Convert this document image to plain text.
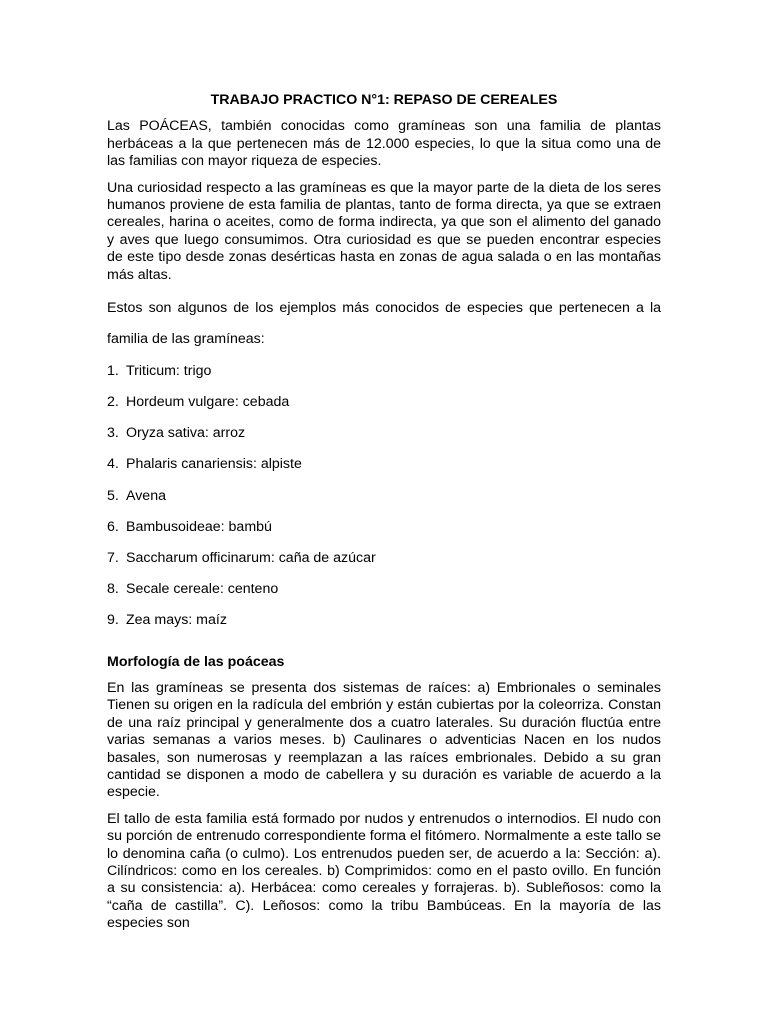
TRABAJO PRACTICO N°1: REPASO DE CEREALES

Las POÁCEAS, también conocidas como gramíneas son una familia de plantas herbáceas a la que pertenecen más de 12.000 especies, lo que la situa como una de las familias con mayor riqueza de especies.

Una curiosidad respecto a las gramíneas es que la mayor parte de la dieta de los seres humanos proviene de esta familia de plantas, tanto de forma directa, ya que se extraen cereales, harina o aceites, como de forma indirecta, ya que son el alimento del ganado y aves que luego consumimos. Otra curiosidad es que se pueden encontrar especies de este tipo desde zonas desérticas hasta en zonas de agua salada o en las montañas más altas.

Estos son algunos de los ejemplos más conocidos de especies que pertenecen a la

familia de las gramíneas:

1. Triticum: trigo
2. Hordeum vulgare: cebada
3. Oryza sativa: arroz
4. Phalaris canariensis: alpiste
5. Avena
6. Bambusoideae: bambú
7. Saccharum officinarum: caña de azúcar
8. Secale cereale: centeno
9. Zea mays: maíz
Morfología de las poáceas

En las gramíneas se presenta dos sistemas de raíces: a) Embrionales o seminales Tienen su origen en la radícula del embrión y están cubiertas por la coleorriza. Constan de una raíz principal y generalmente dos a cuatro laterales. Su duración fluctúa entre varias semanas a varios meses. b) Caulinares o adventicias Nacen en los nudos basales, son numerosas y reemplazan a las raíces embrionales. Debido a su gran cantidad se disponen a modo de cabellera y su duración es variable de acuerdo a la especie.

El tallo de esta familia está formado por nudos y entrenudos o internodios. El nudo con su porción de entrenudo correspondiente forma el fitómero. Normalmente a este tallo se lo denomina caña (o culmo). Los entrenudos pueden ser, de acuerdo a la: Sección: a). Cilíndricos: como en los cereales. b) Comprimidos: como en el pasto ovillo. En función a su consistencia: a). Herbácea: como cereales y forrajeras. b). Subleñosos: como la “caña de castilla”. C). Leñosos: como la tribu Bambúceas. En la mayoría de las especies son
